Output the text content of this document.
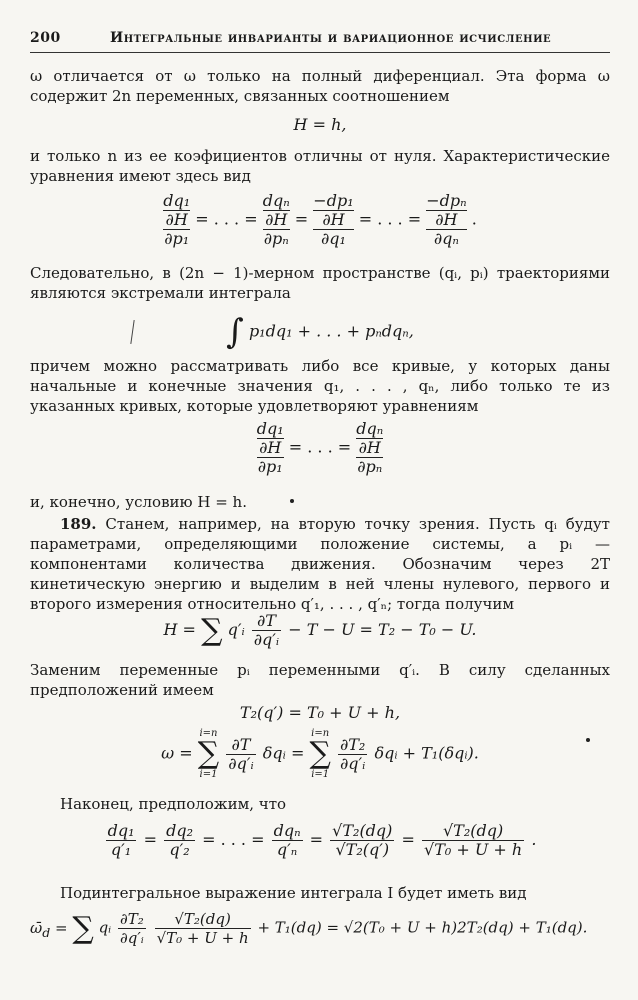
200	Интегральные инварианты и вариационное исчисление
ω отличается от ω только на полный диференциал. Эта форма ω содержит 2n переменных, связанных соотношением
H = h,
и только n из ее коэфициентов отличны от нуля. Характеристические уравнения имеют здесь вид
dq₁
∂H
∂p₁
= . . . =
dqₙ
∂H
∂pₙ
=
−dp₁
∂H
∂q₁
= . . . =
−dpₙ
∂H
∂qₙ
.
Следовательно, в (2n − 1)-мерном пространстве (qᵢ, pᵢ) траекториями являются экстремали интеграла
∫ p₁dq₁ + . . . + pₙdqₙ,
причем можно рассматривать либо все кривые, у которых даны начальные и конечные значения q₁, . . . , qₙ, либо только те из указанных кривых, которые удовлетворяют уравнениям
dq₁
∂H
∂p₁
= . . . =
dqₙ
∂H
∂pₙ
и, конечно, условию H = h.
189. Станем, например, на вторую точку зрения. Пусть qᵢ будут параметрами, определяющими положение системы, а pᵢ — компонентами количества движения. Обозначим через 2T кинетическую энергию и выделим в ней члены нулевого, первого и второго измерения относительно q′₁, . . . , q′ₙ; тогда получим
H = ∑ q′ᵢ $\frac{\partial T}{\text{∂q′ᵢ}} - T - U = T_2 - T_0 - U$.
Заменим переменные pᵢ переменными q′ᵢ. В силу сделанных предположений имеем
T₂(q′) = T₀ + U + h,
ω =
i=n
∑
i=1

$\frac{\partial T}{\text{∂q′ᵢ}}$ δqᵢ =
i=n
∑
i=1

$\frac{\text{∂T₂}}{\text{∂q′ᵢ}}$ δqᵢ + T₁(δqᵢ).
Наконец, предположим, что
$\frac{\text{dq₁}}{\text{q′₁}} = \frac{\text{dq₂}}{\text{q′₂}}$ = . . . = $\frac{\text{dqₙ}}{\text{q′ₙ}} = \frac{\text{√T₂(dq)}}{\text{√T₂(q′)}} = \frac{\text{√T₂(dq)}}{\text{√T₀ + U + h}}$ .
Подинтегральное выражение интеграла I будет иметь вид
$\omegā_d$ = ∑ qᵢ $\frac{\text{∂T₂}}{\text{∂q′ᵢ}}$
$\frac{\text{√T₂(dq)}}{\text{√T₀ + U + h}} + T_1(dq) = √2(T_0 + U + h)2T_2(dq) + T_1(dq)$.
